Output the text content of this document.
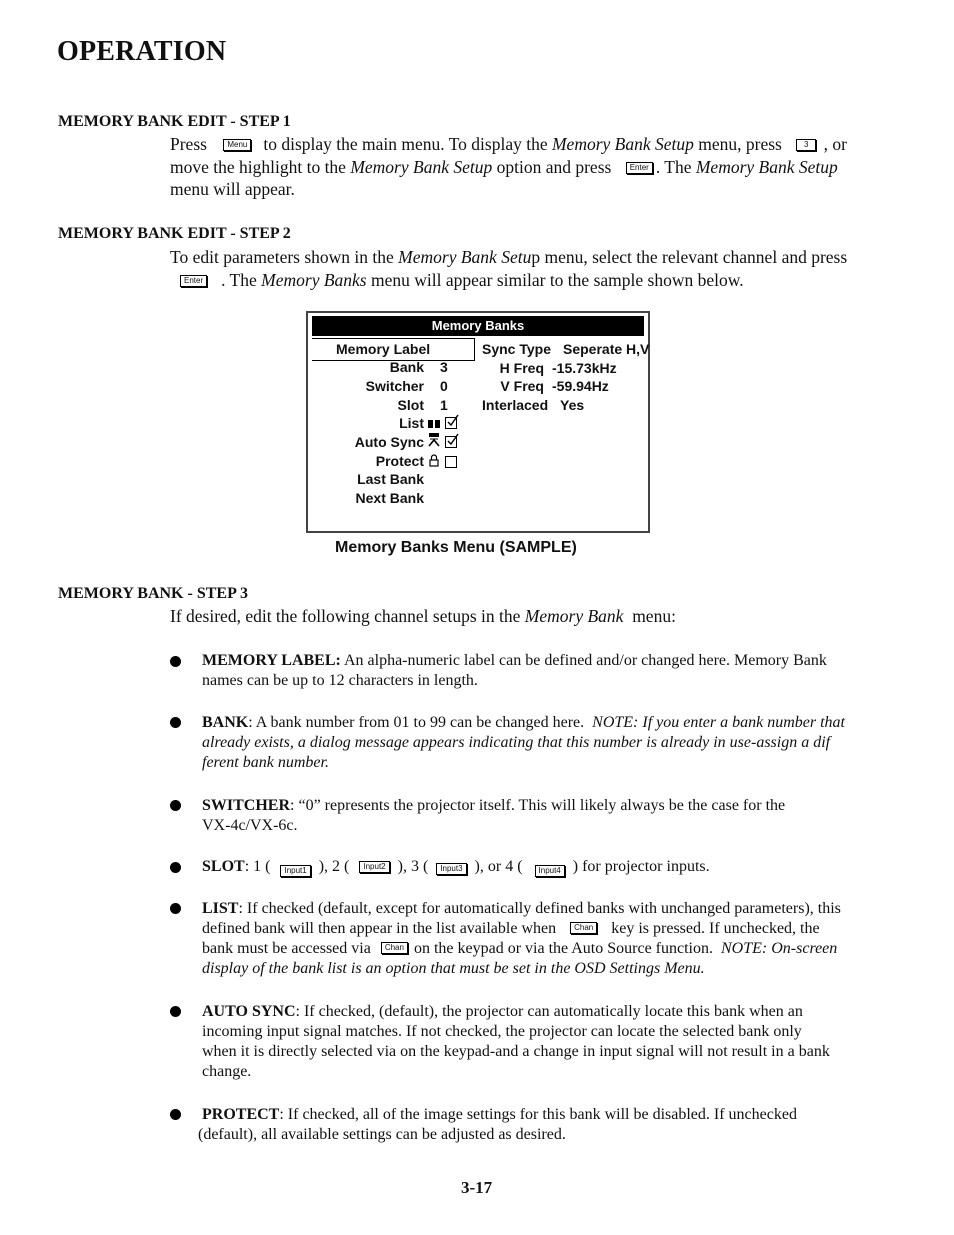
OPERATION
MEMORY BANK EDIT - STEP 1
Press	Menu to display the main menu. To display the Memory Bank Setup menu, press	3 , or
move the highlight to the Memory Bank Setup option and press Enter . The Memory Bank Setup
menu will appear.
MEMORY BANK EDIT - STEP 2
To edit parameters shown in the Memory Bank Setup menu, select the relevant channel and press
Enter . The Memory Banks menu will appear similar to the sample shown below.
Memory Banks
Memory Label
Bank 3
Switcher 0
Slot 1
List
Auto Sync
Protect
Last Bank
Next Bank
Sync Type Seperate H,V
H Freq -15.73kHz
V Freq -59.94Hz
Interlaced Yes
Memory Banks Menu (SAMPLE)
MEMORY BANK - STEP 3
If desired, edit the following channel setups in the Memory Bank menu:
MEMORY LABEL: An alpha-numeric label can be defined and/or changed here. Memory Bank
names can be up to 12 characters in length.
BANK: A bank number from 01 to 99 can be changed here. NOTE: If you enter a bank number that
already exists, a dialog message appears indicating that this number is already in use-assign a dif
ferent bank number.
SWITCHER: “0” represents the projector itself. This will likely always be the case for the
VX-4c/VX-6c.
SLOT: 1 ( Input1 ), 2 ( Input2 ), 3 ( Input3 ), or 4 ( Input4 ) for projector inputs.
LIST: If checked (default, except for automatically defined banks with unchanged parameters), this
defined bank will then appear in the list available when Chan key is pressed. If unchecked, the
bank must be accessed via Chan on the keypad or via the Auto Source function. NOTE: On-screen
display of the bank list is an option that must be set in the OSD Settings Menu.
AUTO SYNC: If checked, (default), the projector can automatically locate this bank when an
incoming input signal matches. If not checked, the projector can locate the selected bank only
when it is directly selected via on the keypad-and a change in input signal will not result in a bank
change.
PROTECT: If checked, all of the image settings for this bank will be disabled. If unchecked
(default), all available settings can be adjusted as desired.
3-17
